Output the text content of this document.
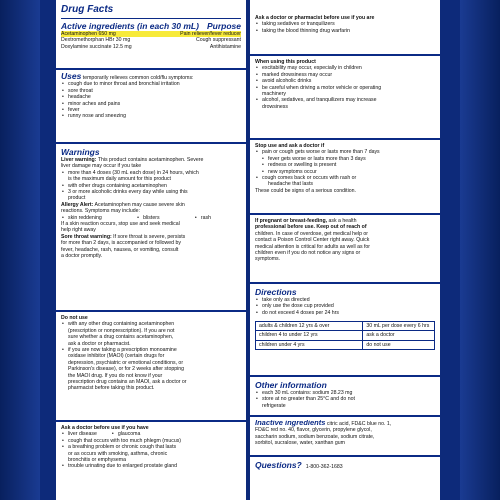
Drug Facts
Active ingredients (in each 30 mL) Purpose
Acetaminophen 650 mg	Pain reliever/fever reducer
Dextromethorphan HBr 30 mg	Cough suppressant
Doxylamine succinate 12.5 mg	Antihistamine
Uses temporarily relieves common cold/flu symptoms:
• cough due to minor throat and bronchial irritation
• sore throat
• headache
• minor aches and pains
• fever
• runny nose and sneezing
Warnings
Liver warning: This product contains acetaminophen. Severe
liver damage may occur if you take
• more than 4 doses (30 mL each dose) in 24 hours, which
is the maximum daily amount for this product
• with other drugs containing acetaminophen
• 3 or more alcoholic drinks every day while using this
product
Allergy Alert: Acetaminophen may cause severe skin
reactions. Symptoms may include:
• skin reddening	• blisters	• rash
If a skin reaction occurs, stop use and seek medical
help right away
Sore throat warning: If sore throat is severe, persists
for more than 2 days, is accompanied or followed by
fever, headache, rash, nausea, or vomiting, consult
a doctor promptly.
Do not use
• with any other drug containing acetaminophen
(prescription or nonprescription). If you are not
sure whether a drug contains acetaminophen,
ask a doctor or pharmacist.
• if you are now taking a prescription monoamine
oxidase inhibitor (MAOI) (certain drugs for
depression, psychiatric or emotional conditions, or
Parkinson's disease), or for 2 weeks after stopping
the MAOI drug. If you do not know if your
prescription drug contains an MAOI, ask a doctor or
pharmacist before taking this product.
Ask a doctor before use if you have
• liver disease	• glaucoma
• cough that occurs with too much phlegm (mucus)
• a breathing problem or chronic cough that lasts
or as occurs with smoking, asthma, chronic
bronchitis or emphysema
• trouble urinating due to enlarged prostate gland
Ask a doctor or pharmacist before use if you are
• taking sedatives or tranquilizers
• taking the blood thinning drug warfarin
When using this product
• excitability may occur, especially in children
• marked drowsiness may occur
• avoid alcoholic drinks
• be careful when driving a motor vehicle or operating
machinery
• alcohol, sedatives, and tranquilizers may increase
drowsiness
Stop use and ask a doctor if
• pain or cough gets worse or lasts more than 7 days
• fever gets worse or lasts more than 3 days
• redness or swelling is present
• new symptoms occur
• cough comes back or occurs with rash or
headache that lasts
These could be signs of a serious condition.
If pregnant or breast-feeding, ask a health
professional before use. Keep out of reach of
children. In case of overdose, get medical help or
contact a Poison Control Center right away. Quick
medical attention is critical for adults as well as for
children even if you do not notice any signs or
symptoms.
Directions
• take only as directed
• only use the dose cup provided
• do not exceed 4 doses per 24 hrs
adults & children 12 yrs & over	30 mL per dose every 6 hrs
children 4 to under 12 yrs	ask a doctor
children under 4 yrs	do not use
Other information
• each 30 mL contains: sodium 28.23 mg
• store at no greater than 25°C and do not
refrigerate
Inactive ingredients citric acid, FD&C blue no. 1,
FD&C red no. 40, flavor, glycerin, propylene glycol,
saccharin sodium, sodium benzoate, sodium citrate,
sorbitol, sucralose, water, xanthan gum
Questions? 1-800-362-1683
